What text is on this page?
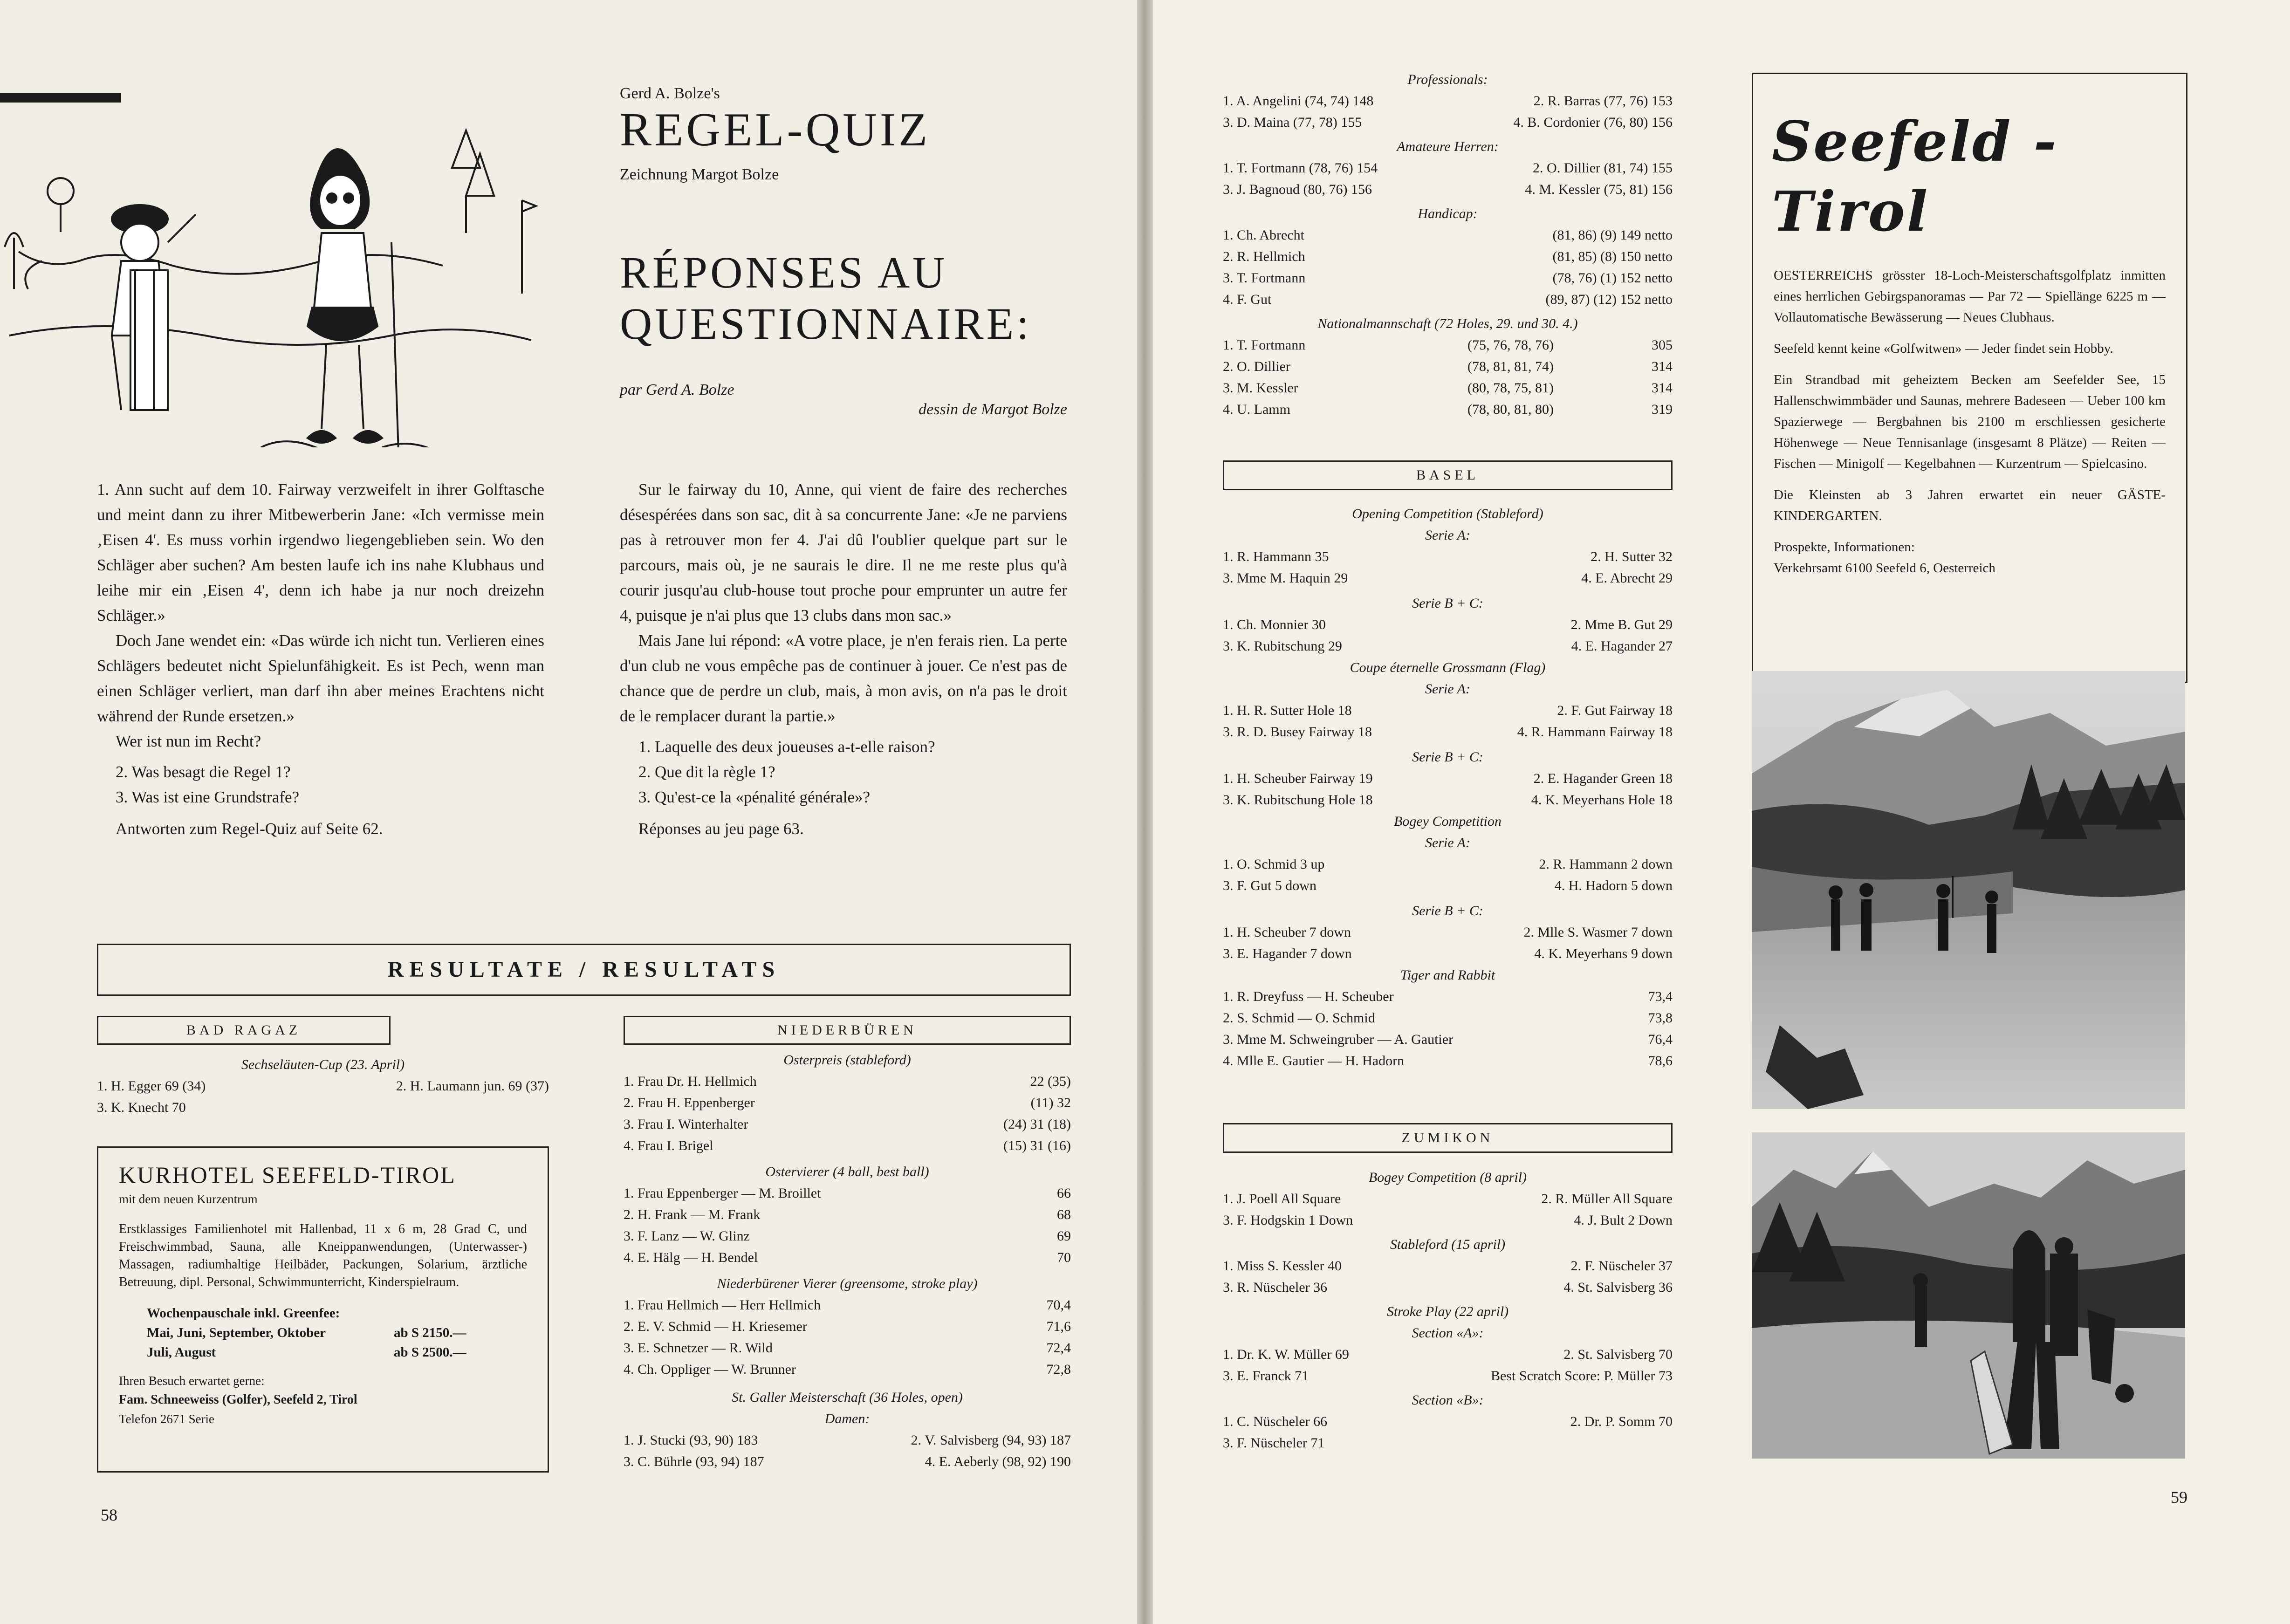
Gerd A. Bolze's
REGEL-QUIZ
Zeichnung Margot Bolze
RÉPONSES AU QUESTIONNAIRE:
par Gerd A. Bolze
dessin de Margot Bolze

1. Ann sucht auf dem 10. Fairway verzweifelt in ihrer Golftasche und meint dann zu ihrer Mitbewerberin Jane: «Ich vermisse mein ‚Eisen 4'. Es muss vorhin irgendwo liegengeblieben sein. Wo den Schläger aber suchen? Am besten laufe ich ins nahe Klubhaus und leihe mir ein ‚Eisen 4', denn ich habe ja nur noch dreizehn Schläger.»

Doch Jane wendet ein: «Das würde ich nicht tun. Verlieren eines Schlägers bedeutet nicht Spielunfähigkeit. Es ist Pech, wenn man einen Schläger verliert, man darf ihn aber meines Erachtens nicht während der Runde ersetzen.»

Wer ist nun im Recht?

2. Was besagt die Regel 1?

3. Was ist eine Grundstrafe?

Antworten zum Regel-Quiz auf Seite 62.

Sur le fairway du 10, Anne, qui vient de faire des recherches désespérées dans son sac, dit à sa concurrente Jane: «Je ne parviens pas à retrouver mon fer 4. J'ai dû l'oublier quelque part sur le parcours, mais où, je ne saurais le dire. Il ne me reste plus qu'à courir jusqu'au club-house tout proche pour emprunter un autre fer 4, puisque je n'ai plus que 13 clubs dans mon sac.»

Mais Jane lui répond: «A votre place, je n'en ferais rien. La perte d'un club ne vous empêche pas de continuer à jouer. Ce n'est pas de chance que de perdre un club, mais, à mon avis, on n'a pas le droit de le remplacer durant la partie.»

1. Laquelle des deux joueuses a-t-elle raison?

2. Que dit la règle 1?

3. Qu'est-ce la «pénalité générale»?

Réponses au jeu page 63.

RESULTATE / RESULTATS
BAD RAGAZ
Sechseläuten-Cup (23. April)
1. H. Egger 69 (34)	2. H. Laumann jun. 69 (37)
3. K. Knecht 70
KURHOTEL SEEFELD-TIROL
mit dem neuen Kurzentrum
Erstklassiges Familienhotel mit Hallenbad, 11 x 6 m, 28 Grad C, und Freischwimmbad, Sauna, alle Kneippanwendungen, (Unterwasser-) Massagen, radiumhaltige Heilbäder, Packungen, Solarium, ärztliche Betreuung, dipl. Personal, Schwimmunterricht, Kinderspielraum.
Wochenpauschale inkl. Greenfee:
Mai, Juni, September, Oktober	ab S 2150.—
Juli, August	ab S 2500.—
Ihren Besuch erwartet gerne:
Fam. Schneeweiss (Golfer), Seefeld 2, Tirol
Telefon 2671 Serie
NIEDERBÜREN
Osterpreis (stableford)
1. Frau Dr. H. Hellmich	22 (35)
2. Frau H. Eppenberger	(11) 32
3. Frau I. Winterhalter	(24) 31 (18)
4. Frau I. Brigel	(15) 31 (16)
Ostervierer (4 ball, best ball)
1. Frau Eppenberger — M. Broillet	66
2. H. Frank — M. Frank	68
3. F. Lanz — W. Glinz	69
4. E. Hälg — H. Bendel	70
Niederbürener Vierer (greensome, stroke play)
1. Frau Hellmich — Herr Hellmich	70,4
2. E. V. Schmid — H. Kriesemer	71,6
3. E. Schnetzer — R. Wild	72,4
4. Ch. Oppliger — W. Brunner	72,8
St. Galler Meisterschaft (36 Holes, open)
Damen:
1. J. Stucki (93, 90) 183	2. V. Salvisberg (94, 93) 187
3. C. Bührle (93, 94) 187	4. E. Aeberly (98, 92) 190
58
Professionals:
1. A. Angelini (74, 74) 148	2. R. Barras (77, 76) 153
3. D. Maina (77, 78) 155	4. B. Cordonier (76, 80) 156
Amateure Herren:
1. T. Fortmann (78, 76) 154	2. O. Dillier (81, 74) 155
3. J. Bagnoud (80, 76) 156	4. M. Kessler (75, 81) 156
Handicap:
1. Ch. Abrecht	(81, 86) (9) 149 netto
2. R. Hellmich	(81, 85) (8) 150 netto
3. T. Fortmann	(78, 76) (1) 152 netto
4. F. Gut	(89, 87) (12) 152 netto
Nationalmannschaft (72 Holes, 29. und 30. 4.)
1. T. Fortmann	(75, 76, 78, 76)	305
2. O. Dillier	(78, 81, 81, 74)	314
3. M. Kessler	(80, 78, 75, 81)	314
4. U. Lamm	(78, 80, 81, 80)	319
BASEL
Opening Competition (Stableford)
Serie A:
1. R. Hammann 35	2. H. Sutter 32
3. Mme M. Haquin 29	4. E. Abrecht 29
Serie B + C:
1. Ch. Monnier 30	2. Mme B. Gut 29
3. K. Rubitschung 29	4. E. Hagander 27
Coupe éternelle Grossmann (Flag)
Serie A:
1. H. R. Sutter Hole 18	2. F. Gut Fairway 18
3. R. D. Busey Fairway 18	4. R. Hammann Fairway 18
Serie B + C:
1. H. Scheuber Fairway 19	2. E. Hagander Green 18
3. K. Rubitschung Hole 18	4. K. Meyerhans Hole 18
Bogey Competition
Serie A:
1. O. Schmid 3 up	2. R. Hammann 2 down
3. F. Gut 5 down	4. H. Hadorn 5 down
Serie B + C:
1. H. Scheuber 7 down	2. Mlle S. Wasmer 7 down
3. E. Hagander 7 down	4. K. Meyerhans 9 down
Tiger and Rabbit
1. R. Dreyfuss — H. Scheuber	73,4
2. S. Schmid — O. Schmid	73,8
3. Mme M. Schweingruber — A. Gautier	76,4
4. Mlle E. Gautier — H. Hadorn	78,6
ZUMIKON
Bogey Competition (8 april)
1. J. Poell All Square	2. R. Müller All Square
3. F. Hodgskin 1 Down	4. J. Bult 2 Down
Stableford (15 april)
1. Miss S. Kessler 40	2. F. Nüscheler 37
3. R. Nüscheler 36	4. St. Salvisberg 36
Stroke Play (22 april)
Section «A»:
1. Dr. K. W. Müller 69	2. St. Salvisberg 70
3. E. Franck 71	Best Scratch Score: P. Müller 73
Section «B»:
1. C. Nüscheler 66	2. Dr. P. Somm 70
3. F. Nüscheler 71
Seefeld - Tirol

OESTERREICHS grösster 18-Loch-Meisterschaftsgolfplatz inmitten eines herrlichen Gebirgspanoramas — Par 72 — Spiellänge 6225 m — Vollautomatische Bewässerung — Neues Clubhaus.

Seefeld kennt keine «Golfwitwen» — Jeder findet sein Hobby.

Ein Strandbad mit geheiztem Becken am Seefelder See, 15 Hallenschwimmbäder und Saunas, mehrere Badeseen — Ueber 100 km Spazierwege — Bergbahnen bis 2100 m erschliessen gesicherte Höhenwege — Neue Tennisanlage (insgesamt 8 Plätze) — Reiten — Fischen — Minigolf — Kegelbahnen — Kurzentrum — Spielcasino.

Die Kleinsten ab 3 Jahren erwartet ein neuer GÄSTE-KINDERGARTEN.

Prospekte, Informationen:

Verkehrsamt 6100 Seefeld 6, Oesterreich

59
